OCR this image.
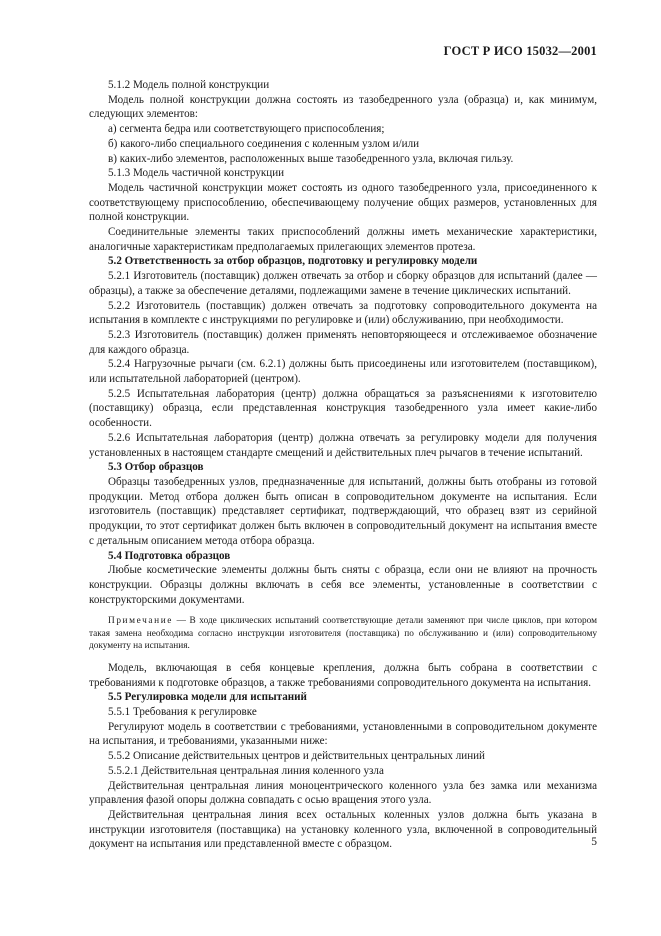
ГОСТ Р ИСО 15032—2001

5.1.2 Модель полной конструкции

Модель полной конструкции должна состоять из тазобедренного узла (образца) и, как минимум, следующих элементов:

а) сегмента бедра или соответствующего приспособления;

б) какого-либо специального соединения с коленным узлом и/или

в) каких-либо элементов, расположенных выше тазобедренного узла, включая гильзу.

5.1.3 Модель частичной конструкции

Модель частичной конструкции может состоять из одного тазобедренного узла, присоединенного к соответствующему приспособлению, обеспечивающему получение общих размеров, установленных для полной конструкции.

Соединительные элементы таких приспособлений должны иметь механические характеристики, аналогичные характеристикам предполагаемых прилегающих элементов протеза.

5.2 Ответственность за отбор образцов, подготовку и регулировку модели

5.2.1 Изготовитель (поставщик) должен отвечать за отбор и сборку образцов для испытаний (далее — образцы), а также за обеспечение деталями, подлежащими замене в течение циклических испытаний.

5.2.2 Изготовитель (поставщик) должен отвечать за подготовку сопроводительного документа на испытания в комплекте с инструкциями по регулировке и (или) обслуживанию, при необходимости.

5.2.3 Изготовитель (поставщик) должен применять неповторяющееся и отслеживаемое обозначение для каждого образца.

5.2.4 Нагрузочные рычаги (см. 6.2.1) должны быть присоединены или изготовителем (поставщиком), или испытательной лабораторией (центром).

5.2.5 Испытательная лаборатория (центр) должна обращаться за разъяснениями к изготовителю (поставщику) образца, если представленная конструкция тазобедренного узла имеет какие-либо особенности.

5.2.6 Испытательная лаборатория (центр) должна отвечать за регулировку модели для получения установленных в настоящем стандарте смещений и действительных плеч рычагов в течение испытаний.

5.3 Отбор образцов

Образцы тазобедренных узлов, предназначенные для испытаний, должны быть отобраны из готовой продукции. Метод отбора должен быть описан в сопроводительном документе на испытания. Если изготовитель (поставщик) представляет сертификат, подтверждающий, что образец взят из серийной продукции, то этот сертификат должен быть включен в сопроводительный документ на испытания вместе с детальным описанием метода отбора образца.

5.4 Подготовка образцов

Любые косметические элементы должны быть сняты с образца, если они не влияют на прочность конструкции. Образцы должны включать в себя все элементы, установленные в соответствии с конструкторскими документами.

Примечание — В ходе циклических испытаний соответствующие детали заменяют при числе циклов, при котором такая замена необходима согласно инструкции изготовителя (поставщика) по обслуживанию и (или) сопроводительному документу на испытания.

Модель, включающая в себя концевые крепления, должна быть собрана в соответствии с требованиями к подготовке образцов, а также требованиями сопроводительного документа на испытания.

5.5 Регулировка модели для испытаний

5.5.1 Требования к регулировке

Регулируют модель в соответствии с требованиями, установленными в сопроводительном документе на испытания, и требованиями, указанными ниже:

5.5.2 Описание действительных центров и действительных центральных линий

5.5.2.1 Действительная центральная линия коленного узла

Действительная центральная линия моноцентрического коленного узла без замка или механизма управления фазой опоры должна совпадать с осью вращения этого узла.

Действительная центральная линия всех остальных коленных узлов должна быть указана в инструкции изготовителя (поставщика) на установку коленного узла, включенной в сопроводительный документ на испытания или представленной вместе с образцом.	5
